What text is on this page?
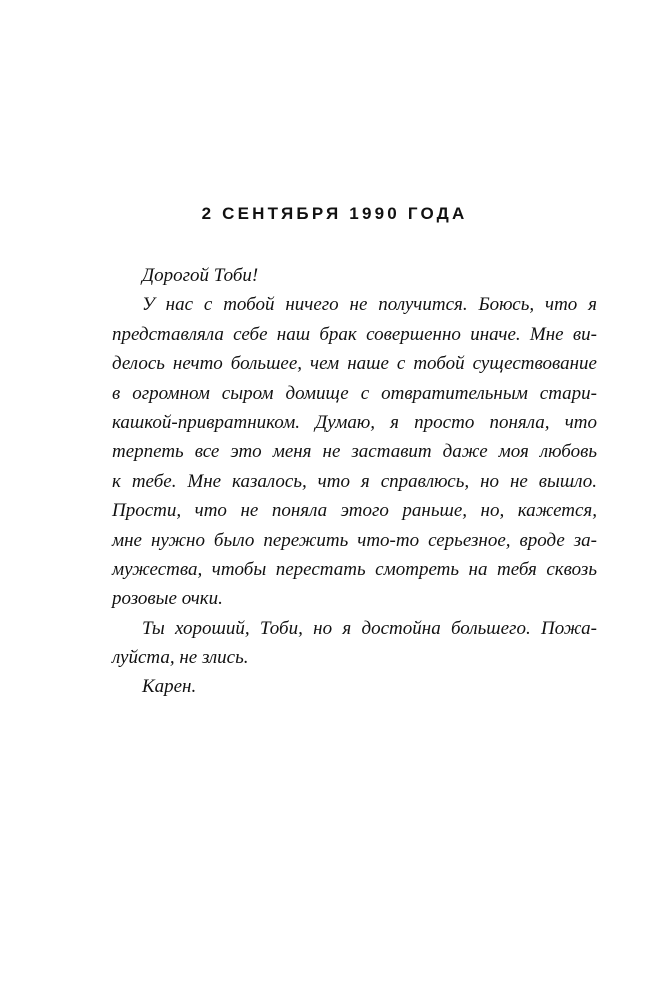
2 СЕНТЯБРЯ 1990 ГОДА
Дорогой Тоби!
У нас с тобой ничего не получится. Боюсь, что я
представляла себе наш брак совершенно иначе. Мне ви-
делось нечто большее, чем наше с тобой существование
в огромном сыром домище с отвратительным стари-
кашкой-привратником. Думаю, я просто поняла, что
терпеть все это меня не заставит даже моя любовь
к тебе. Мне казалось, что я справлюсь, но не вышло.
Прости, что не поняла этого раньше, но, кажется,
мне нужно было пережить что-то серьезное, вроде за-
мужества, чтобы перестать смотреть на тебя сквозь
розовые очки.
Ты хороший, Тоби, но я достойна большего. Пожа-
луйста, не злись.
Карен.
